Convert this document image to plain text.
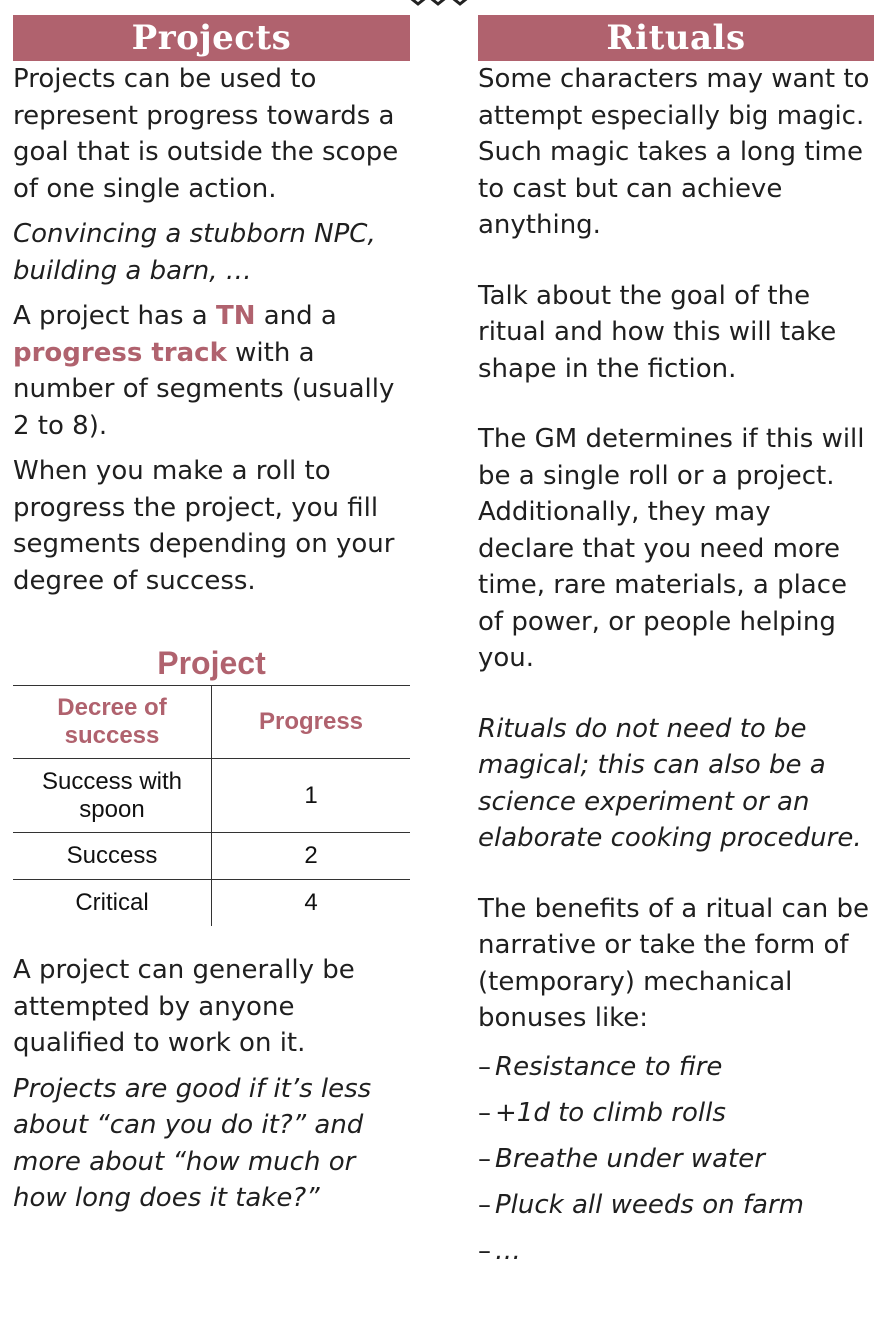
Projects

Projects can be used to represent progress towards a goal that is outside the scope of one single action.

Convincing a stubborn NPC, building a barn, …

A project has a TN and a progress track with a number of segments (usually 2 to 8).

When you make a roll to progress the project, you fill segments depending on your degree of success.

Project
Decree of success	Progress
Success with spoon	1
Success	2
Critical	4

A project can generally be attempted by anyone qualified to work on it.

Projects are good if it’s less about “can you do it?” and more about “how much or how long does it take?”

Rituals

Some characters may want to attempt especially big magic. Such magic takes a long time to cast but can achieve anything.

Talk about the goal of the ritual and how this will take shape in the fiction.

The GM determines if this will be a single roll or a project. Additionally, they may declare that you need more time, rare materials, a place of power, or people helping you.

Rituals do not need to be magical; this can also be a science experiment or an elaborate cooking procedure.

The benefits of a ritual can be narrative or take the form of (temporary) mechanical bonuses like:

– Resistance to fire
– +1d to climb rolls
– Breathe under water
– Pluck all weeds on farm
– …
